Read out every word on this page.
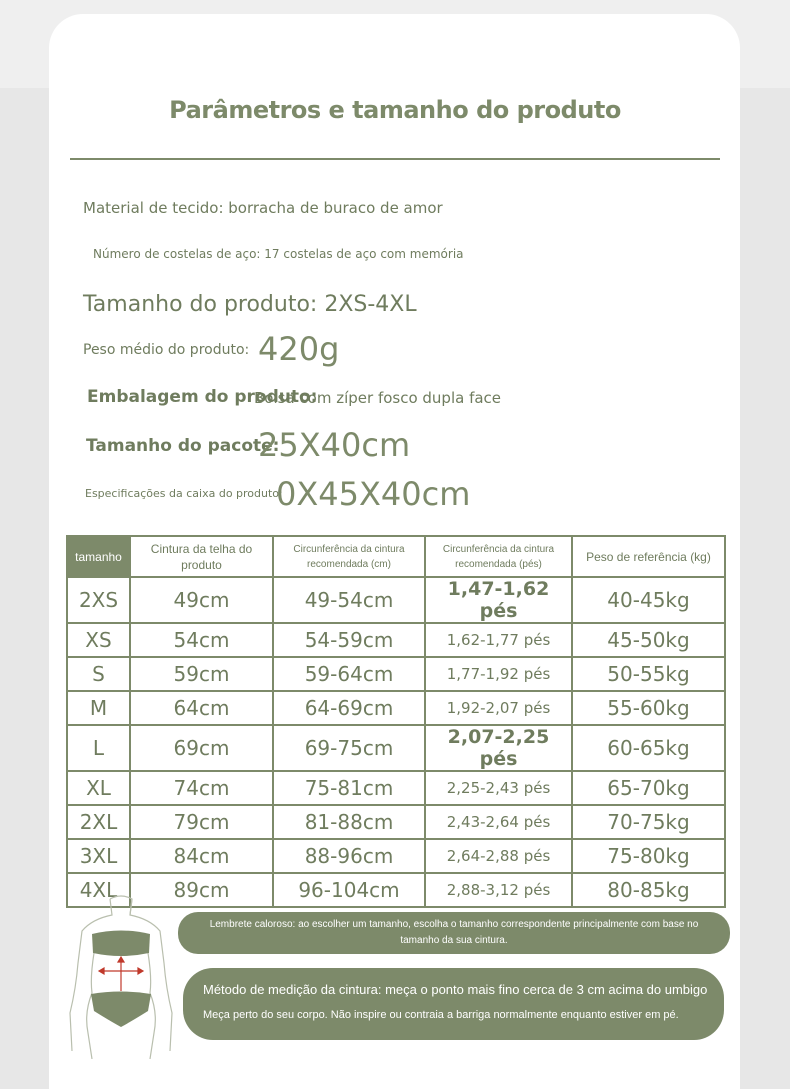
Parâmetros e tamanho do produto
Material de tecido: borracha de buraco de amor
Número de costelas de aço: 17 costelas de aço com memória
Tamanho do produto: 2XS-4XL
Peso médio do produto: 420g
Embalagem do produto:
Bolsa com zíper fosco dupla face
Tamanho do pacote:
25X40cm
Especificações da caixa do produto:
0X45X40cm
tamanho	Cintura da telha do produto	Circunferência da cintura recomendada (cm)	Circunferência da cintura recomendada (pés)	Peso de referência (kg)
2XS	49cm	49-54cm	1,47-1,62 pés	40-45kg
XS	54cm	54-59cm	1,62-1,77 pés	45-50kg
S	59cm	59-64cm	1,77-1,92 pés	50-55kg
M	64cm	64-69cm	1,92-2,07 pés	55-60kg
L	69cm	69-75cm	2,07-2,25 pés	60-65kg
XL	74cm	75-81cm	2,25-2,43 pés	65-70kg
2XL	79cm	81-88cm	2,43-2,64 pés	70-75kg
3XL	84cm	88-96cm	2,64-2,88 pés	75-80kg
4XL	89cm	96-104cm	2,88-3,12 pés	80-85kg
Lembrete caloroso: ao escolher um tamanho, escolha o tamanho correspondente principalmente com base no tamanho da sua cintura.
Método de medição da cintura: meça o ponto mais fino cerca de 3 cm acima do umbigo
Meça perto do seu corpo. Não inspire ou contraia a barriga normalmente enquanto estiver em pé.
